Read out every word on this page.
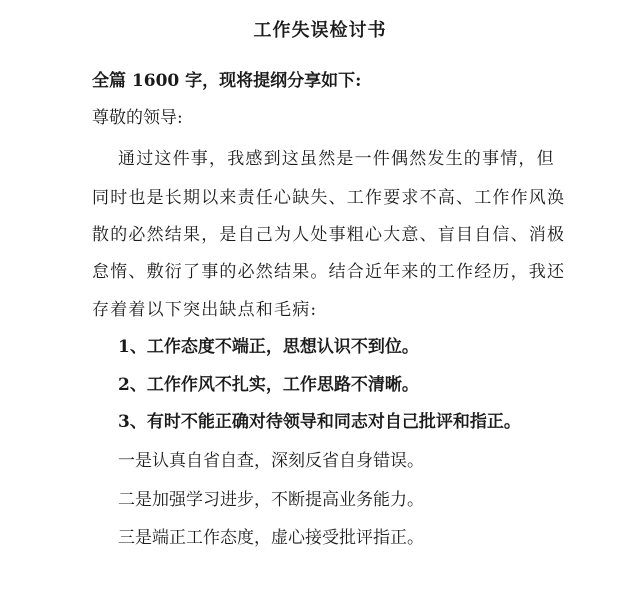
工作失误检讨书
全篇 1600 字，现将提纲分享如下:
尊敬的领导:
通过这件事，我感到这虽然是一件偶然发生的事情，但
同时也是长期以来责任心缺失、工作要求不高、工作作风涣
散的必然结果，是自己为人处事粗心大意、盲目自信、消极
怠惰、敷衍了事的必然结果。结合近年来的工作经历，我还
存着着以下突出缺点和毛病:
1、工作态度不端正，思想认识不到位。
2、工作作风不扎实，工作思路不清晰。
3、有时不能正确对待领导和同志对自己批评和指正。
一是认真自省自查，深刻反省自身错误。
二是加强学习进步，不断提高业务能力。
三是端正工作态度，虚心接受批评指正。
